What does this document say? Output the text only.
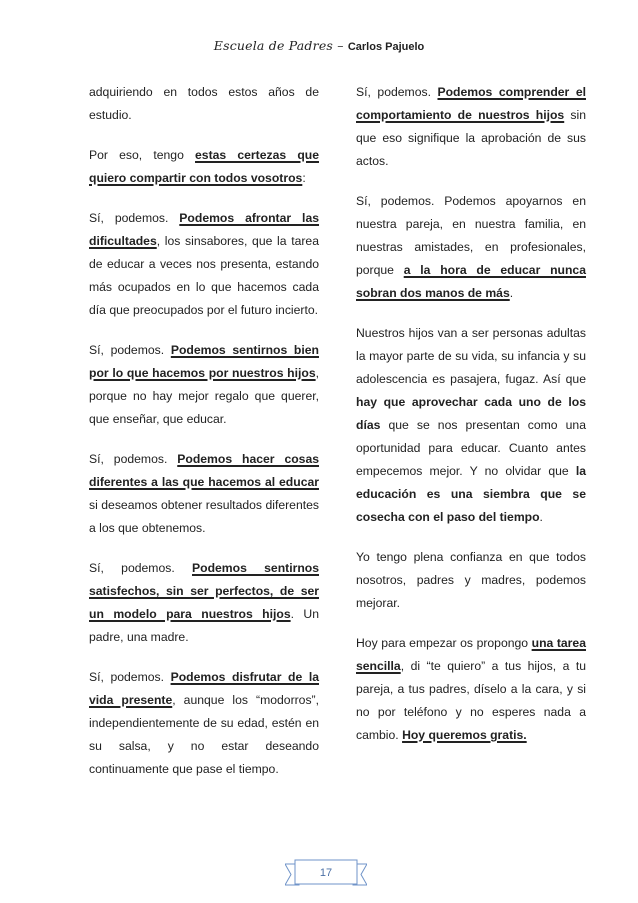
Escuela de Padres – Carlos Pajuelo

adquiriendo en todos estos años de estudio.

Por eso, tengo estas certezas que quiero compartir con todos vosotros:

Sí, podemos. Podemos afrontar las dificultades, los sinsabores, que la tarea de educar a veces nos presenta, estando más ocupados en lo que hacemos cada día que preocupados por el futuro incierto.

Sí, podemos. Podemos sentirnos bien por lo que hacemos por nuestros hijos, porque no hay mejor regalo que querer, que enseñar, que educar.

Sí, podemos. Podemos hacer cosas diferentes a las que hacemos al educar si deseamos obtener resultados diferentes a los que obtenemos.

Sí, podemos. Podemos sentirnos satisfechos, sin ser perfectos, de ser un modelo para nuestros hijos. Un padre, una madre.

Sí, podemos. Podemos disfrutar de la vida presente, aunque los “modorros”, independientemente de su edad, estén en su salsa, y no estar deseando continuamente que pase el tiempo.

Sí, podemos. Podemos comprender el comportamiento de nuestros hijos sin que eso signifique la aprobación de sus actos.

Sí, podemos. Podemos apoyarnos en nuestra pareja, en nuestra familia, en nuestras amistades, en profesionales, porque a la hora de educar nunca sobran dos manos de más.

Nuestros hijos van a ser personas adultas la mayor parte de su vida, su infancia y su adolescencia es pasajera, fugaz. Así que hay que aprovechar cada uno de los días que se nos presentan como una oportunidad para educar. Cuanto antes empecemos mejor. Y no olvidar que la educación es una siembra que se cosecha con el paso del tiempo.

Yo tengo plena confianza en que todos nosotros, padres y madres, podemos mejorar.

Hoy para empezar os propongo una tarea sencilla, di “te quiero” a tus hijos, a tu pareja, a tus padres, díselo a la cara, y si no por teléfono y no esperes nada a cambio. Hoy queremos gratis.

17
